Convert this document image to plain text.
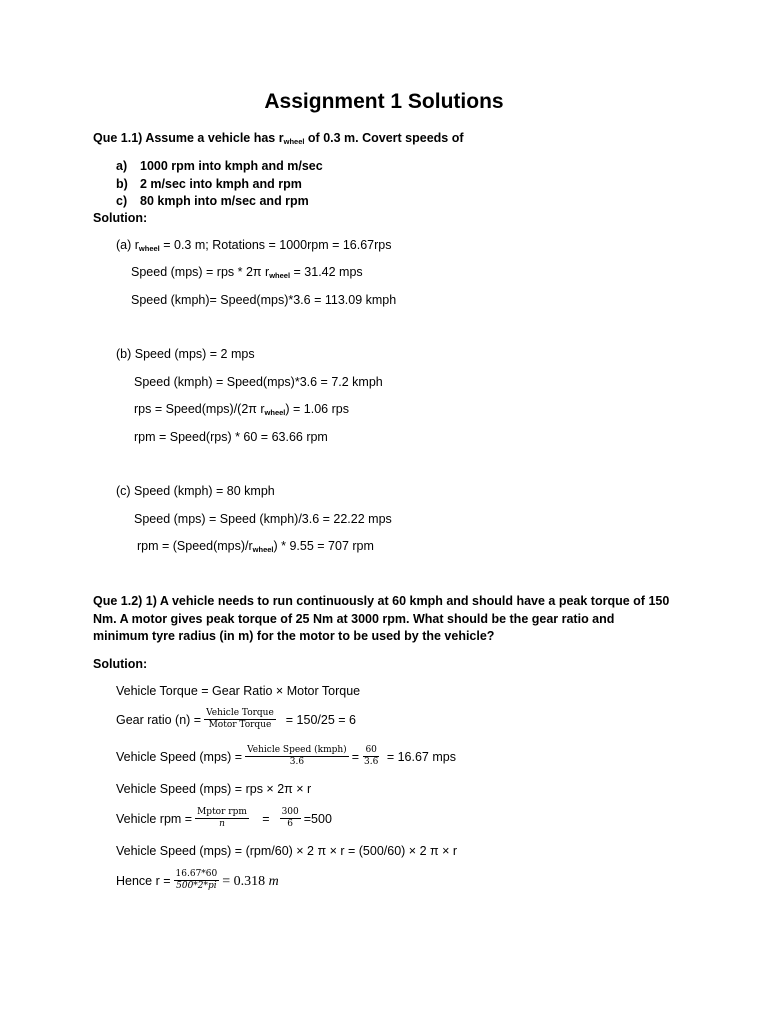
Assignment 1 Solutions
Que 1.1) Assume a vehicle has $r_{wheel}$ of 0.3 m. Covert speeds of
a) 1000 rpm into kmph and m/sec
b) 2 m/sec into kmph and rpm
c) 80 kmph into m/sec and rpm
Solution:
(a) $r_{wheel} = 0.3$ m; Rotations = 1000rpm = 16.67rps
Speed (mps) = rps * 2π $r_{wheel} = 31.42$ mps
Speed (kmph)= Speed(mps)*3.6 = 113.09 kmph
(b) Speed (mps) = 2 mps
Speed (kmph) = Speed(mps)*3.6 = 7.2 kmph
rps = Speed(mps)/(2π $r_{wheel}) = 1.06$ rps
rpm = Speed(rps) * 60 = 63.66 rpm
(c) Speed (kmph) = 80 kmph
Speed (mps) = Speed (kmph)/3.6 = 22.22 mps
rpm = $(Speed(mps)/r_{wheel}) * 9.55 = 707$ rpm
Que 1.2) 1) A vehicle needs to run continuously at 60 kmph and should have a peak torque of 150
Nm. A motor gives peak torque of 25 Nm at 3000 rpm. What should be the gear ratio and
minimum tyre radius (in m) for the motor to be used by the vehicle?
Solution:
Vehicle Torque = Gear Ratio × Motor Torque
Gear ratio $(n) = \frac{\text{Vehicle Torque}}{\text{Motor Torque}} = 150/25 = 6$
Vehicle Speed $(mps) = \frac{\text{Vehicle Speed (kmph)}}{3.6} = \frac{60}{3.6} = 16.67$ mps
Vehicle Speed (mps) = rps × 2π × r
Vehicle rpm = $\frac{\text{Mptor rpm}}{n} = \frac{300}{6} =500$
Vehicle Speed (mps) = (rpm/60) × 2 π × r = (500/60) × 2 π × r
Hence $r = \frac{16.67*60}{500*2*pi} = 0.318$ m
